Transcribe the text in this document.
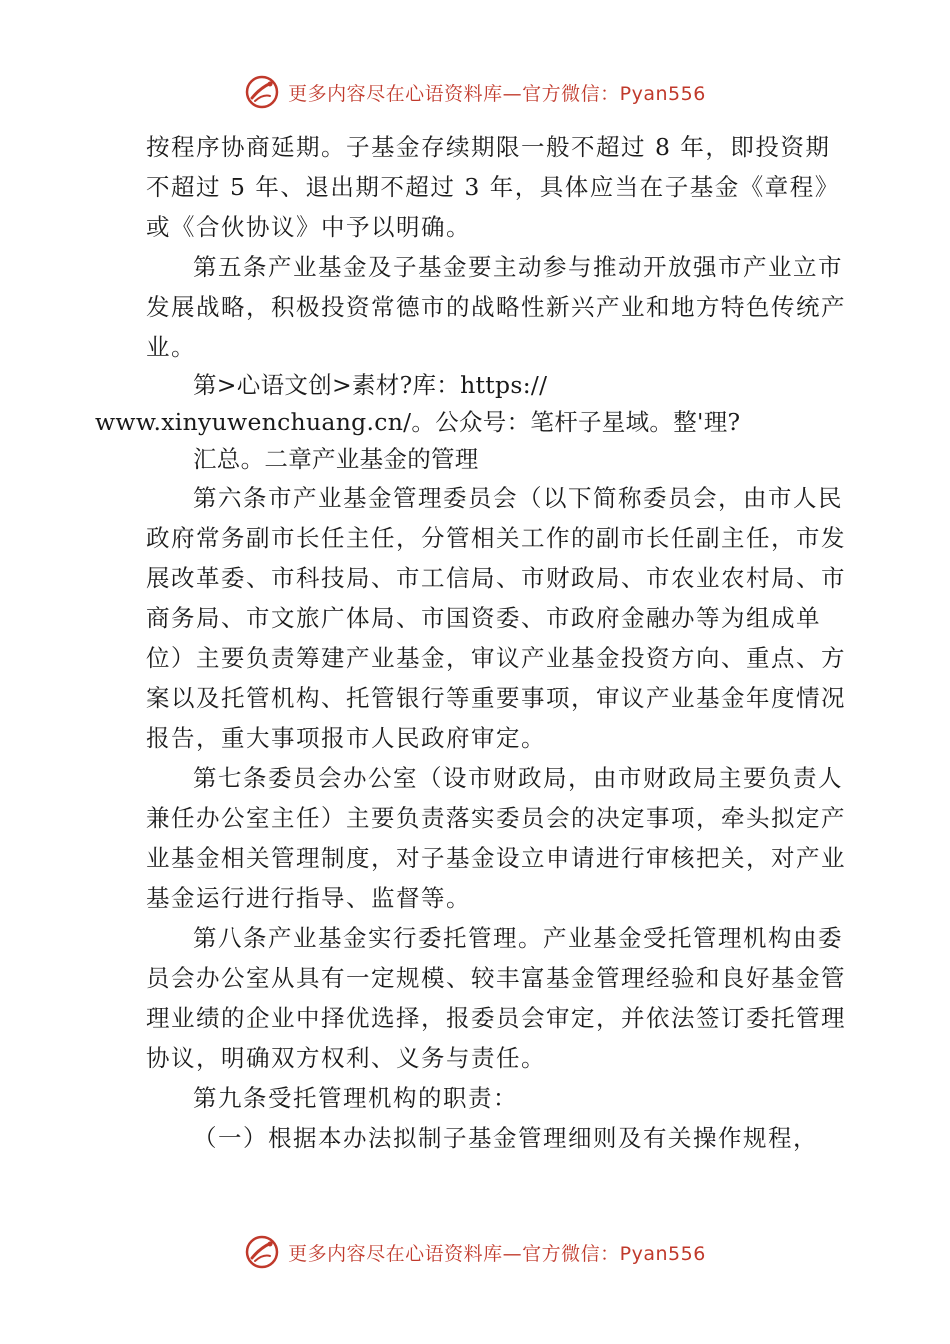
更多内容尽在心语资料库—官方微信：Pyan556

按程序协商延期。子基金存续期限一般不超过 8 年，即投资期不超过 5 年、退出期不超过 3 年，具体应当在子基金《章程》或《合伙协议》中予以明确。

第五条产业基金及子基金要主动参与推动开放强市产业立市发展战略，积极投资常德市的战略性新兴产业和地方特色传统产业。

第>心语文创>素材?库：https://
www.xinyuwenchuang.cn/。公众号：笔杆子星域。整'理?
汇总。二章产业基金的管理

第六条市产业基金管理委员会（以下简称委员会，由市人民政府常务副市长任主任，分管相关工作的副市长任副主任，市发展改革委、市科技局、市工信局、市财政局、市农业农村局、市商务局、市文旅广体局、市国资委、市政府金融办等为组成单位）主要负责筹建产业基金，审议产业基金投资方向、重点、方案以及托管机构、托管银行等重要事项，审议产业基金年度情况报告，重大事项报市人民政府审定。

第七条委员会办公室（设市财政局，由市财政局主要负责人兼任办公室主任）主要负责落实委员会的决定事项，牵头拟定产业基金相关管理制度，对子基金设立申请进行审核把关，对产业基金运行进行指导、监督等。

第八条产业基金实行委托管理。产业基金受托管理机构由委员会办公室从具有一定规模、较丰富基金管理经验和良好基金管理业绩的企业中择优选择，报委员会审定，并依法签订委托管理协议，明确双方权利、义务与责任。

第九条受托管理机构的职责：

（一）根据本办法拟制子基金管理细则及有关操作规程，

更多内容尽在心语资料库—官方微信：Pyan556
